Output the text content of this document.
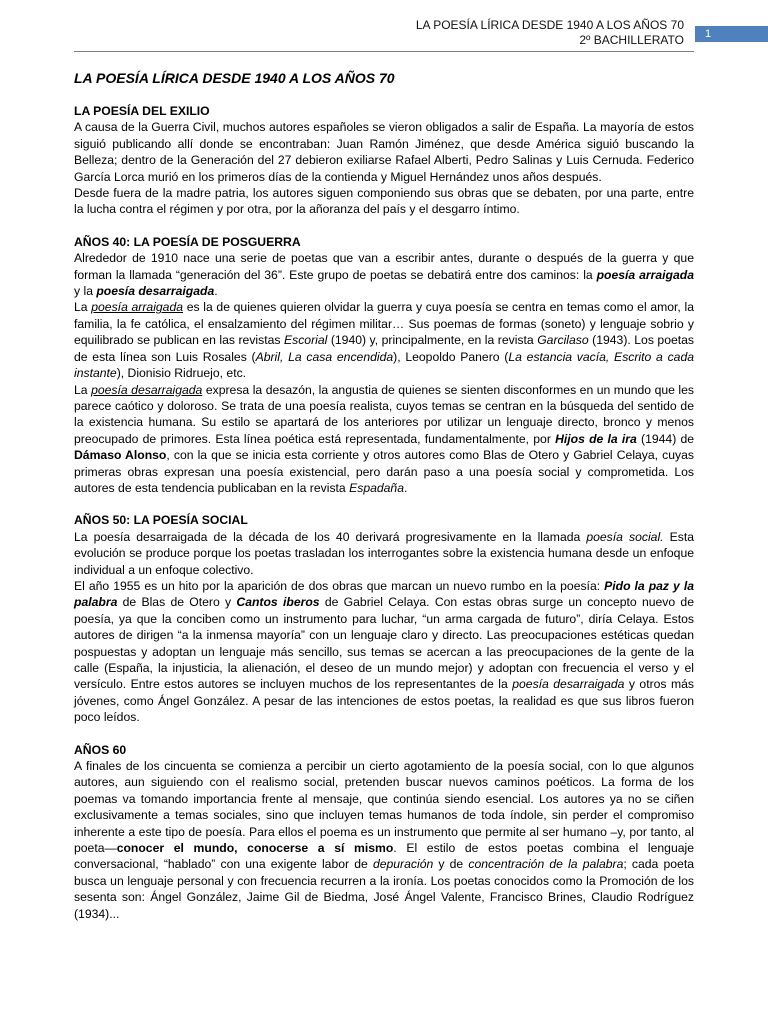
LA POESÍA LÍRICA DESDE 1940 A LOS AÑOS 70
2º BACHILLERATO	1
LA POESÍA LÍRICA DESDE 1940 A LOS AÑOS 70
LA POESÍA DEL EXILIO

A causa de la Guerra Civil, muchos autores españoles se vieron obligados a salir de España. La mayoría de estos siguió publicando allí donde se encontraban: Juan Ramón Jiménez, que desde América siguió buscando la Belleza; dentro de la Generación del 27 debieron exiliarse Rafael Alberti, Pedro Salinas y Luis Cernuda. Federico García Lorca murió en los primeros días de la contienda y Miguel Hernández unos años después.

Desde fuera de la madre patria, los autores siguen componiendo sus obras que se debaten, por una parte, entre la lucha contra el régimen y por otra, por la añoranza del país y el desgarro íntimo.

AÑOS 40: LA POESÍA DE POSGUERRA

Alrededor de 1910 nace una serie de poetas que van a escribir antes, durante o después de la guerra y que forman la llamada “generación del 36”. Este grupo de poetas se debatirá entre dos caminos: la poesía arraigada y la poesía desarraigada.

La poesía arraigada es la de quienes quieren olvidar la guerra y cuya poesía se centra en temas como el amor, la familia, la fe católica, el ensalzamiento del régimen militar… Sus poemas de formas (soneto) y lenguaje sobrio y equilibrado se publican en las revistas Escorial (1940) y, principalmente, en la revista Garcilaso (1943). Los poetas de esta línea son Luis Rosales (Abril, La casa encendida), Leopoldo Panero (La estancia vacía, Escrito a cada instante), Dionisio Ridruejo, etc.

La poesía desarraigada expresa la desazón, la angustia de quienes se sienten disconformes en un mundo que les parece caótico y doloroso. Se trata de una poesía realista, cuyos temas se centran en la búsqueda del sentido de la existencia humana. Su estilo se apartará de los anteriores por utilizar un lenguaje directo, bronco y menos preocupado de primores. Esta línea poética está representada, fundamentalmente, por Hijos de la ira (1944) de Dámaso Alonso, con la que se inicia esta corriente y otros autores como Blas de Otero y Gabriel Celaya, cuyas primeras obras expresan una poesía existencial, pero darán paso a una poesía social y comprometida. Los autores de esta tendencia publicaban en la revista Espadaña.

AÑOS 50: LA POESÍA SOCIAL

La poesía desarraigada de la década de los 40 derivará progresivamente en la llamada poesía social. Esta evolución se produce porque los poetas trasladan los interrogantes sobre la existencia humana desde un enfoque individual a un enfoque colectivo.

El año 1955 es un hito por la aparición de dos obras que marcan un nuevo rumbo en la poesía: Pido la paz y la palabra de Blas de Otero y Cantos iberos de Gabriel Celaya. Con estas obras surge un concepto nuevo de poesía, ya que la conciben como un instrumento para luchar, “un arma cargada de futuro”, diría Celaya. Estos autores de dirigen “a la inmensa mayoría” con un lenguaje claro y directo. Las preocupaciones estéticas quedan pospuestas y adoptan un lenguaje más sencillo, sus temas se acercan a las preocupaciones de la gente de la calle (España, la injusticia, la alienación, el deseo de un mundo mejor) y adoptan con frecuencia el verso y el versículo. Entre estos autores se incluyen muchos de los representantes de la poesía desarraigada y otros más jóvenes, como Ángel González. A pesar de las intenciones de estos poetas, la realidad es que sus libros fueron poco leídos.

AÑOS 60

A finales de los cincuenta se comienza a percibir un cierto agotamiento de la poesía social, con lo que algunos autores, aun siguiendo con el realismo social, pretenden buscar nuevos caminos poéticos. La forma de los poemas va tomando importancia frente al mensaje, que continúa siendo esencial. Los autores ya no se ciñen exclusivamente a temas sociales, sino que incluyen temas humanos de toda índole, sin perder el compromiso inherente a este tipo de poesía. Para ellos el poema es un instrumento que permite al ser humano –y, por tanto, al poeta—conocer el mundo, conocerse a sí mismo. El estilo de estos poetas combina el lenguaje conversacional, “hablado” con una exigente labor de depuración y de concentración de la palabra; cada poeta busca un lenguaje personal y con frecuencia recurren a la ironía. Los poetas conocidos como la Promoción de los sesenta son: Ángel González, Jaime Gil de Biedma, José Ángel Valente, Francisco Brines, Claudio Rodríguez (1934)...
